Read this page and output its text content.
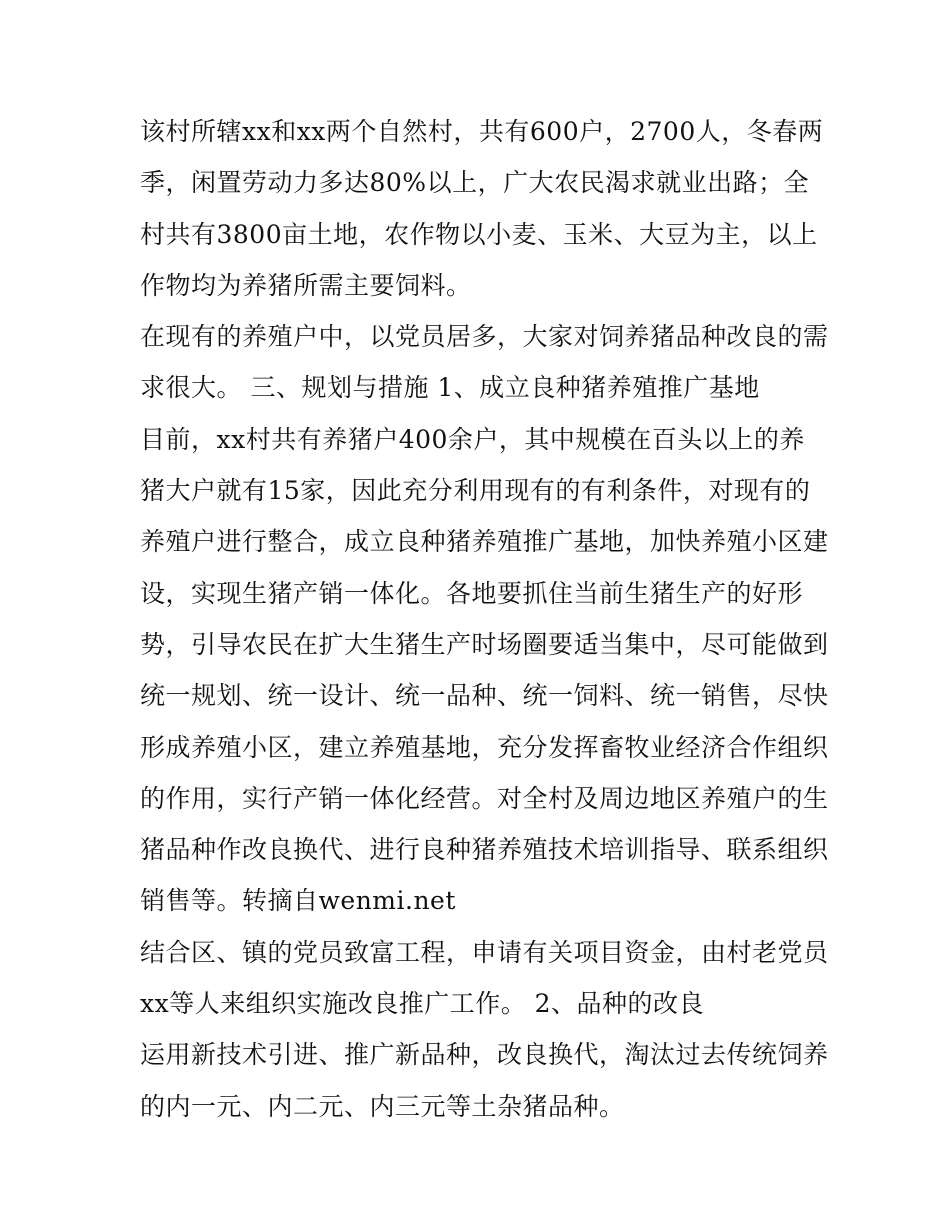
该村所辖xx和xx两个自然村，共有600户，2700人，冬春两
季，闲置劳动力多达80%以上，广大农民渴求就业出路；全
村共有3800亩土地，农作物以小麦、玉米、大豆为主，以上
作物均为养猪所需主要饲料。
在现有的养殖户中，以党员居多，大家对饲养猪品种改良的需
求很大。 三、规划与措施 1、成立良种猪养殖推广基地
目前，xx村共有养猪户400余户，其中规模在百头以上的养
猪大户就有15家，因此充分利用现有的有利条件，对现有的
养殖户进行整合，成立良种猪养殖推广基地，加快养殖小区建
设，实现生猪产销一体化。各地要抓住当前生猪生产的好形
势，引导农民在扩大生猪生产时场圈要适当集中，尽可能做到
统一规划、统一设计、统一品种、统一饲料、统一销售，尽快
形成养殖小区，建立养殖基地，充分发挥畜牧业经济合作组织
的作用，实行产销一体化经营。对全村及周边地区养殖户的生
猪品种作改良换代、进行良种猪养殖技术培训指导、联系组织
销售等。转摘自wenmi.net
结合区、镇的党员致富工程，申请有关项目资金，由村老党员
xx等人来组织实施改良推广工作。 2、品种的改良
运用新技术引进、推广新品种，改良换代，淘汰过去传统饲养
的内一元、内二元、内三元等土杂猪品种。
